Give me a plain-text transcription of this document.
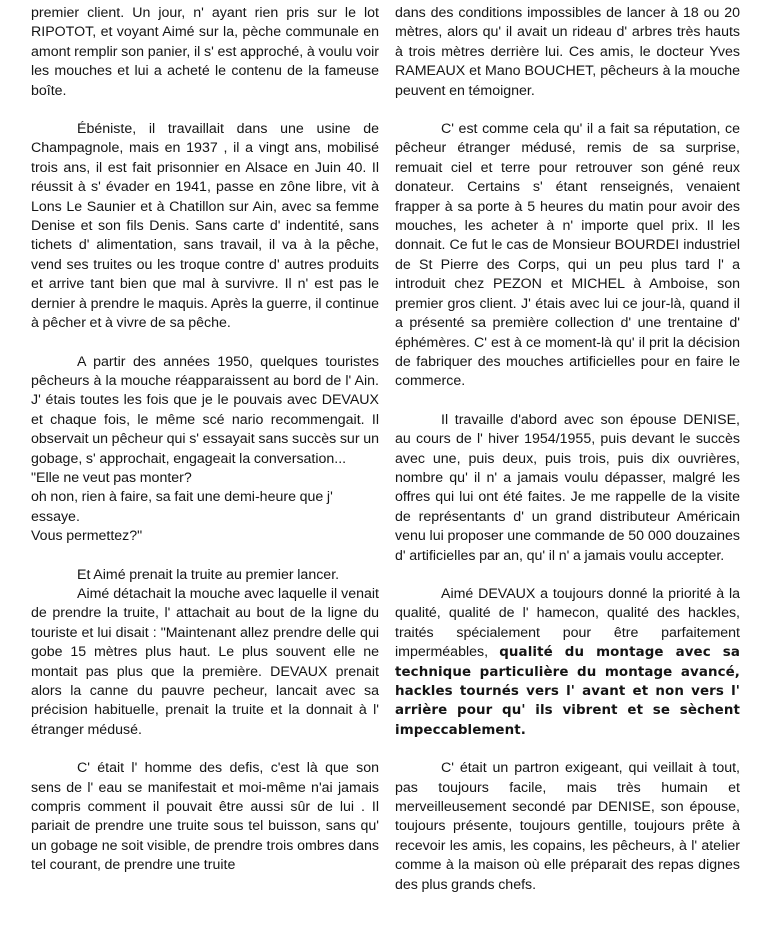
premier client. Un jour, n' ayant rien pris sur le lot RIPOTOT, et voyant Aimé sur la, pèche communale en amont remplir son panier, il s' est approché, à voulu voir les mouches et lui a acheté le contenu de la fameuse boîte.

Ébéniste, il travaillait dans une usine de Champagnole, mais en 1937 , il a vingt ans, mobilisé trois ans, il est fait prisonnier en Alsace en Juin 40. Il réussit à s' évader en 1941, passe en zône libre, vit à Lons Le Saunier et à Chatillon sur Ain, avec sa femme Denise et son fils Denis. Sans carte d' indentité, sans tichets d' alimentation, sans travail, il va à la pêche, vend ses truites ou les troque contre d' autres produits et arrive tant bien que mal à survivre. Il n' est pas le dernier à prendre le maquis. Après la guerre, il continue à pêcher et à vivre de sa pêche.

A partir des années 1950, quelques touristes pêcheurs à la mouche réapparaissent au bord de l' Ain. J' étais toutes les fois que je le pouvais avec DEVAUX et chaque fois, le même scé nario recommengait. Il observait un pêcheur qui s' essayait sans succès sur un gobage, s' approchait, engageait la conversation...

"Elle ne veut pas monter?

oh non, rien à faire, sa fait une demi-heure que j' essaye.

Vous permettez?"

Et Aimé prenait la truite au premier lancer.

Aimé détachait la mouche avec laquelle il venait de prendre la truite, l' attachait au bout de la ligne du touriste et lui disait : "Maintenant allez prendre delle qui gobe 15 mètres plus haut. Le plus souvent elle ne montait pas plus que la première. DEVAUX prenait alors la canne du pauvre pecheur, lancait avec sa précision habituelle, prenait la truite et la donnait à l' étranger médusé.

C' était l' homme des defis, c'est là que son sens de l' eau se manifestait et moi-même n'ai jamais compris comment il pouvait être aussi sûr de lui . Il pariait de prendre une truite sous tel buisson, sans qu' un gobage ne soit visible, de prendre trois ombres dans tel courant, de prendre une truite

dans des conditions impossibles de lancer à 18 ou 20 mètres, alors qu' il avait un rideau d' arbres très hauts à trois mètres derrière lui. Ces amis, le docteur Yves RAMEAUX et Mano BOUCHET, pêcheurs à la mouche peuvent en témoigner.

C' est comme cela qu' il a fait sa réputation, ce pêcheur étranger médusé, remis de sa surprise, remuait ciel et terre pour retrouver son géné reux donateur. Certains s' étant renseignés, venaient frapper à sa porte à 5 heures du matin pour avoir des mouches, les acheter à n' importe quel prix. Il les donnait. Ce fut le cas de Monsieur BOURDEI industriel de St Pierre des Corps, qui un peu plus tard l' a introduit chez PEZON et MICHEL à Amboise, son premier gros client. J' étais avec lui ce jour-là, quand il a présenté sa première collection d' une trentaine d' éphémères. C' est à ce moment-là qu' il prit la décision de fabriquer des mouches artificielles pour en faire le commerce.

Il travaille d'abord avec son épouse DENISE, au cours de l' hiver 1954/1955, puis devant le succès avec une, puis deux, puis trois, puis dix ouvrières, nombre qu' il n' a jamais voulu dépasser, malgré les offres qui lui ont été faites. Je me rappelle de la visite de représentants d' un grand distributeur Américain venu lui proposer une commande de 50 000 douzaines d' artificielles par an, qu' il n' a jamais voulu accepter.

Aimé DEVAUX a toujours donné la priorité à la qualité, qualité de l' hamecon, qualité des hackles, traités spécialement pour être parfaitement imperméables, qualité du montage avec sa technique particulière du montage avancé, hackles tournés vers l' avant et non vers l' arrière pour qu' ils vibrent et se sèchent impeccablement.

C' était un partron exigeant, qui veillait à tout, pas toujours facile, mais très humain et merveilleusement secondé par DENISE, son épouse, toujours présente, toujours gentille, toujours prête à recevoir les amis, les copains, les pêcheurs, à l' atelier comme à la maison où elle préparait des repas dignes des plus grands chefs.
